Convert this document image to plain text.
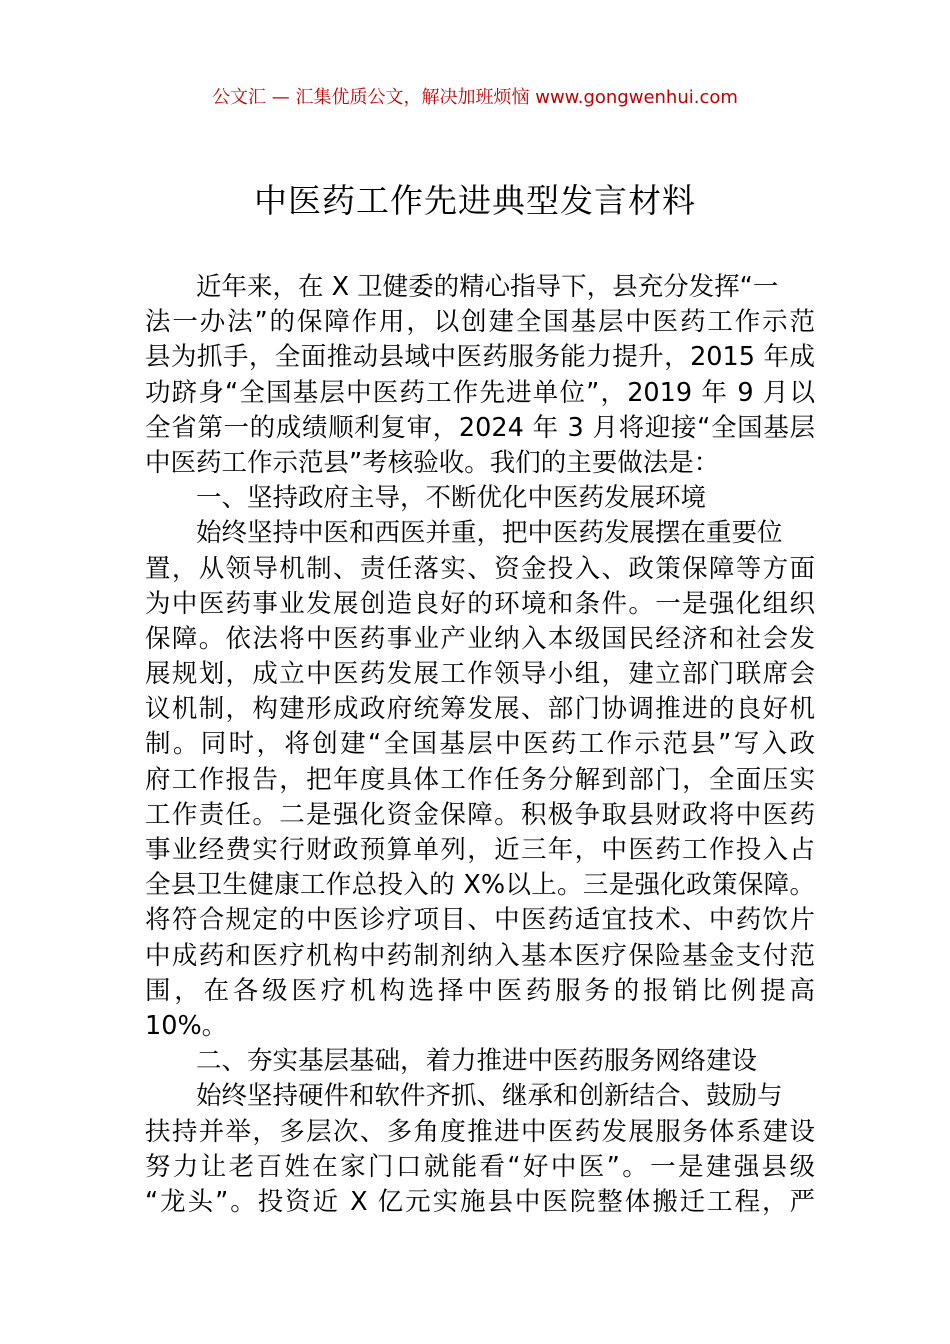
公文汇 — 汇集优质公文，解决加班烦恼 www.gongwenhui.com
中医药工作先进典型发言材料
近年来，在 X 卫健委的精心指导下，县充分发挥“一
法一办法”的保障作用，以创建全国基层中医药工作示范
县为抓手，全面推动县域中医药服务能力提升，2015 年成
功跻身“全国基层中医药工作先进单位”，2019 年 9 月以
全省第一的成绩顺利复审，2024 年 3 月将迎接“全国基层
中医药工作示范县”考核验收。我们的主要做法是：
一、坚持政府主导，不断优化中医药发展环境
始终坚持中医和西医并重，把中医药发展摆在重要位
置，从领导机制、责任落实、资金投入、政策保障等方面
为中医药事业发展创造良好的环境和条件。一是强化组织
保障。依法将中医药事业产业纳入本级国民经济和社会发
展规划，成立中医药发展工作领导小组，建立部门联席会
议机制，构建形成政府统筹发展、部门协调推进的良好机
制。同时，将创建“全国基层中医药工作示范县”写入政
府工作报告，把年度具体工作任务分解到部门，全面压实
工作责任。二是强化资金保障。积极争取县财政将中医药
事业经费实行财政预算单列，近三年，中医药工作投入占
全县卫生健康工作总投入的 X%以上。三是强化政策保障。
将符合规定的中医诊疗项目、中医药适宜技术、中药饮片
中成药和医疗机构中药制剂纳入基本医疗保险基金支付范
围，在各级医疗机构选择中医药服务的报销比例提高
10%。
二、夯实基层基础，着力推进中医药服务网络建设
始终坚持硬件和软件齐抓、继承和创新结合、鼓励与
扶持并举，多层次、多角度推进中医药发展服务体系建设
努力让老百姓在家门口就能看“好中医”。一是建强县级
“龙头”。投资近 X 亿元实施县中医院整体搬迁工程，严
